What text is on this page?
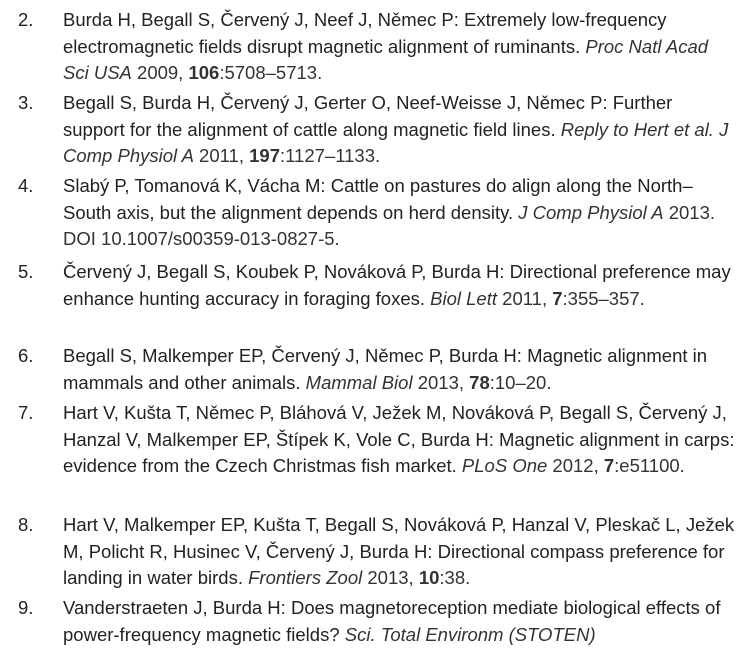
2.	Burda H, Begall S, Červený J, Neef J, Němec P: Extremely low-frequency electromagnetic fields disrupt magnetic alignment of ruminants. Proc Natl Acad Sci USA 2009, 106:5708–5713.
3.	Begall S, Burda H, Červený J, Gerter O, Neef-Weisse J, Němec P: Further support for the alignment of cattle along magnetic field lines. Reply to Hert et al. J Comp Physiol A 2011, 197:1127–1133.
4.	Slabý P, Tomanová K, Vácha M: Cattle on pastures do align along the North–South axis, but the alignment depends on herd density. J Comp Physiol A 2013. DOI 10.1007/s00359-013-0827-5.
5.	Červený J, Begall S, Koubek P, Nováková P, Burda H: Directional preference may enhance hunting accuracy in foraging foxes. Biol Lett 2011, 7:355–357.
6.	Begall S, Malkemper EP, Červený J, Němec P, Burda H: Magnetic alignment in mammals and other animals. Mammal Biol 2013, 78:10–20.
7.	Hart V, Kušta T, Němec P, Bláhová V, Ježek M, Nováková P, Begall S, Červený J, Hanzal V, Malkemper EP, Štípek K, Vole C, Burda H: Magnetic alignment in carps: evidence from the Czech Christmas fish market. PLoS One 2012, 7:e51100.
8.	Hart V, Malkemper EP, Kušta T, Begall S, Nováková P, Hanzal V, Pleskač L, Ježek M, Policht R, Husinec V, Červený J, Burda H: Directional compass preference for landing in water birds. Frontiers Zool 2013, 10:38.
9.	Vanderstraeten J, Burda H: Does magnetoreception mediate biological effects of power-frequency magnetic fields? Sci. Total Environm (STOTEN)
